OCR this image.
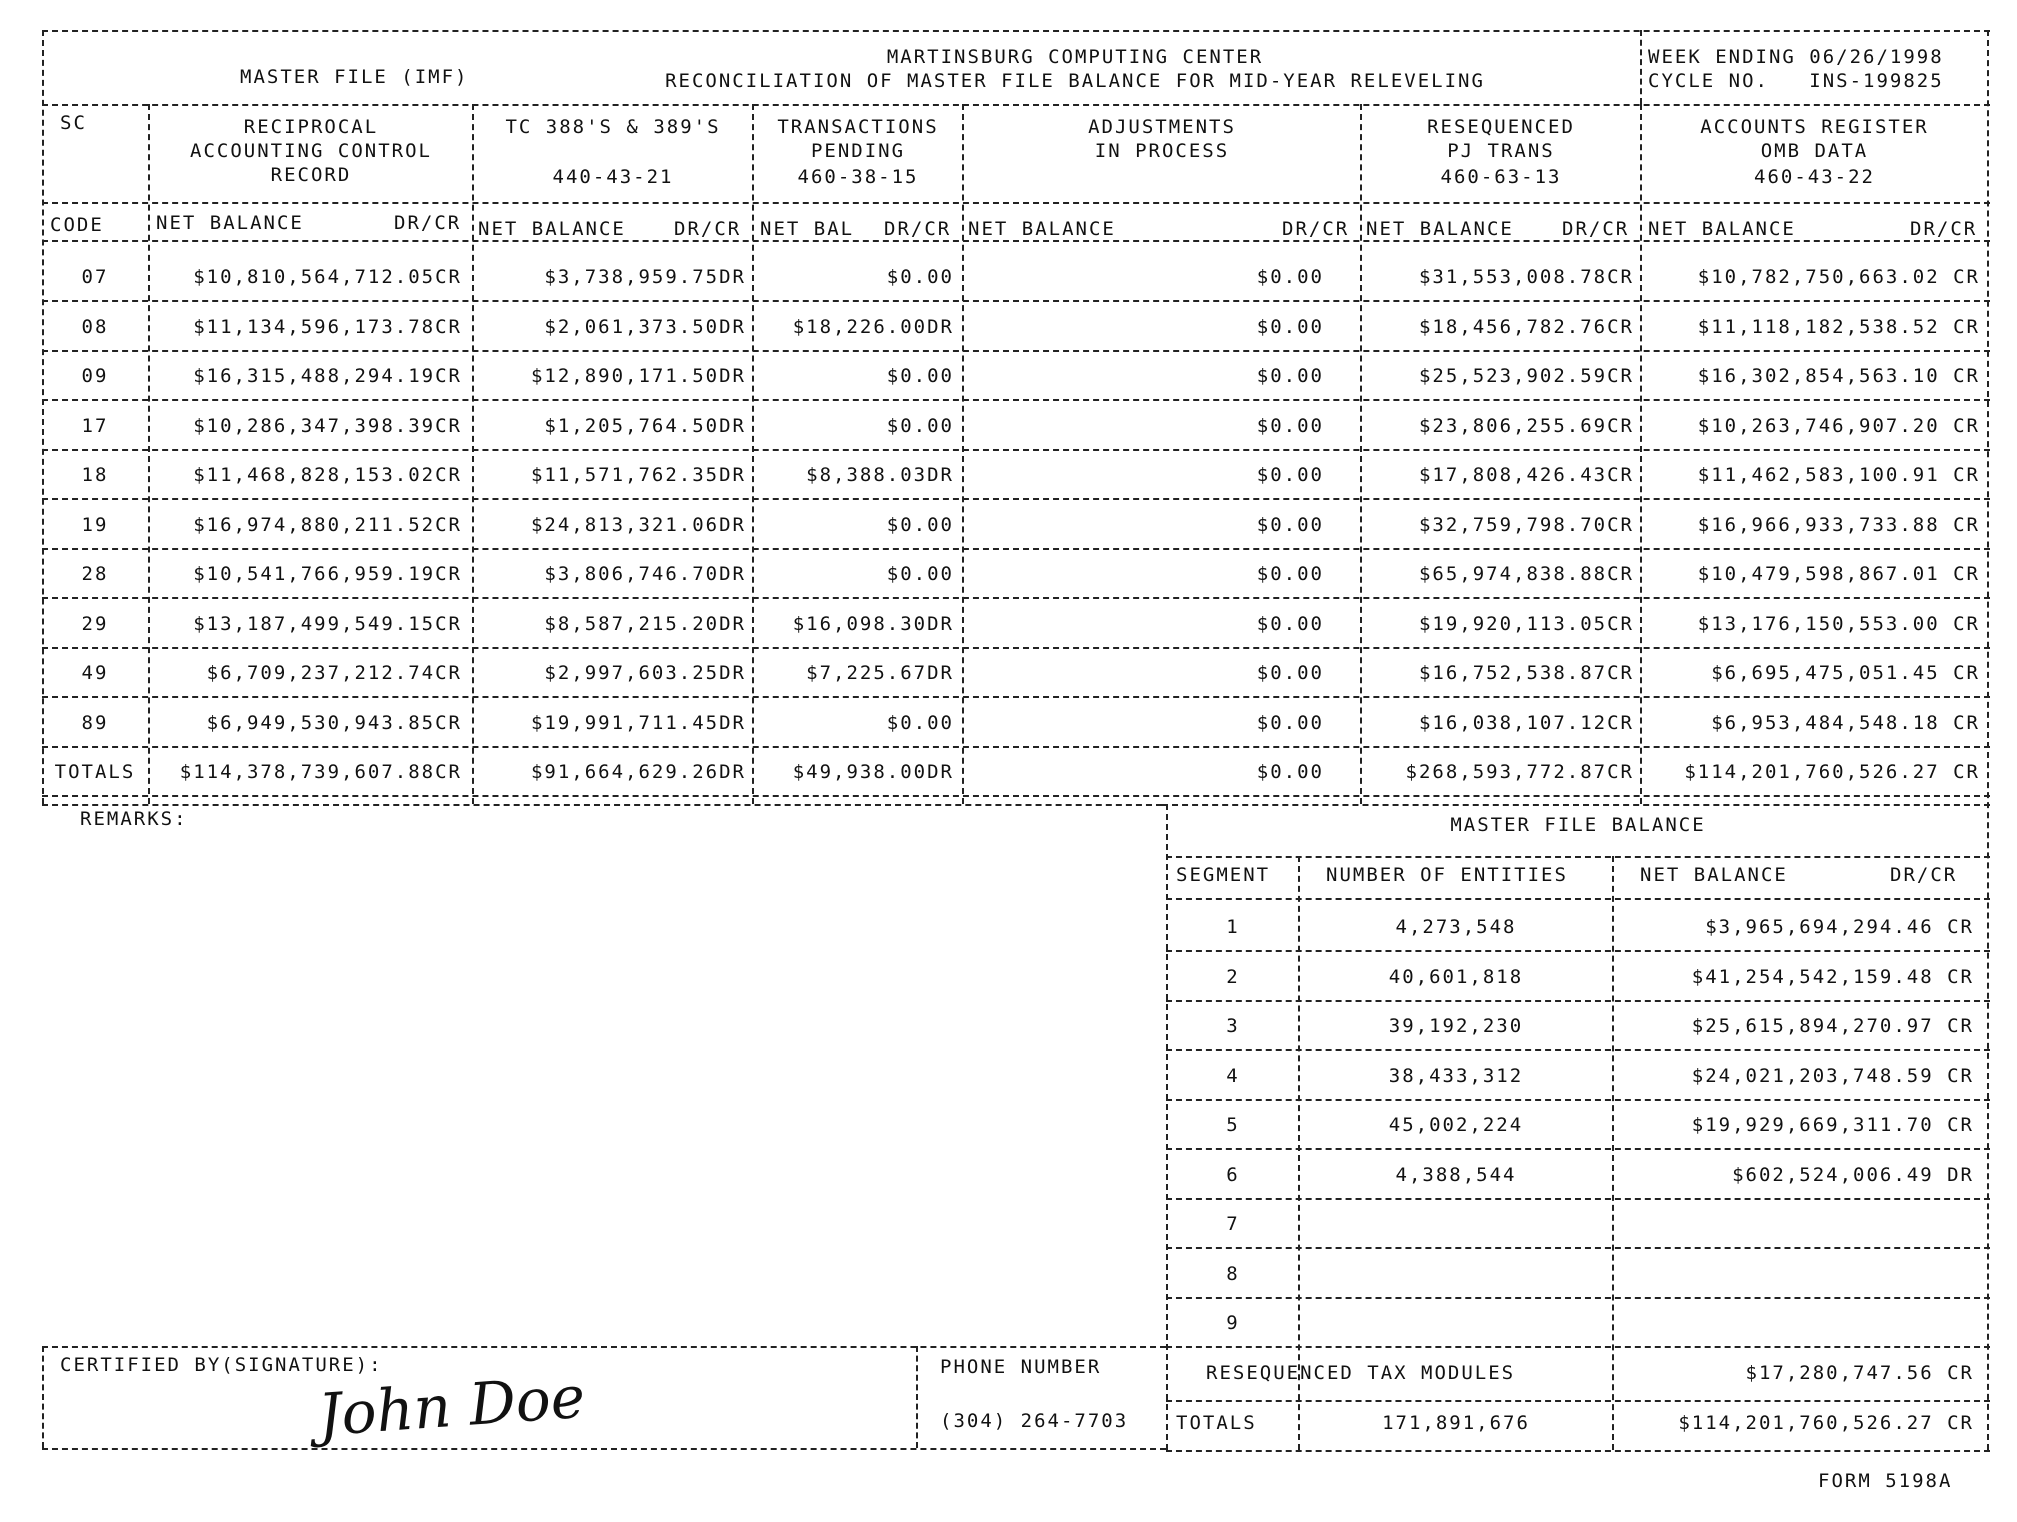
MASTER FILE (IMF)
MARTINSBURG COMPUTING CENTER
RECONCILIATION OF MASTER FILE BALANCE FOR MID-YEAR RELEVELING
WEEK ENDING 06/26/1998
CYCLE NO.   INS-199825
SC
CODE
RECIPROCAL
ACCOUNTING CONTROL
RECORD
TC 388'S & 389'S
440-43-21
TRANSACTIONS
PENDING
460-38-15
ADJUSTMENTS
IN PROCESS
RESEQUENCED
PJ TRANS
460-63-13
ACCOUNTS REGISTER
OMB DATA
460-43-22
NET BALANCE	DR/CR NET BALANCE	DR/CR NET BAL DR/CR NET BALANCE	DR/CR NET BALANCE	DR/CR NET BALANCE	DR/CR
07	$10,810,564,712.05CR	$3,738,959.75DR	$0.00	$0.00	$31,553,008.78CR	$10,782,750,663.02 CR
08	$11,134,596,173.78CR	$2,061,373.50DR	$18,226.00DR	$0.00	$18,456,782.76CR	$11,118,182,538.52 CR
09	$16,315,488,294.19CR	$12,890,171.50DR	$0.00	$0.00	$25,523,902.59CR	$16,302,854,563.10 CR
17	$10,286,347,398.39CR	$1,205,764.50DR	$0.00	$0.00	$23,806,255.69CR	$10,263,746,907.20 CR
18	$11,468,828,153.02CR	$11,571,762.35DR	$8,388.03DR	$0.00	$17,808,426.43CR	$11,462,583,100.91 CR
19	$16,974,880,211.52CR	$24,813,321.06DR	$0.00	$0.00	$32,759,798.70CR	$16,966,933,733.88 CR
28	$10,541,766,959.19CR	$3,806,746.70DR	$0.00	$0.00	$65,974,838.88CR	$10,479,598,867.01 CR
29	$13,187,499,549.15CR	$8,587,215.20DR	$16,098.30DR	$0.00	$19,920,113.05CR	$13,176,150,553.00 CR
49	$6,709,237,212.74CR	$2,997,603.25DR	$7,225.67DR	$0.00	$16,752,538.87CR	$6,695,475,051.45 CR
89	$6,949,530,943.85CR	$19,991,711.45DR	$0.00	$0.00	$16,038,107.12CR	$6,953,484,548.18 CR
TOTALS	$114,378,739,607.88CR	$91,664,629.26DR	$49,938.00DR	$0.00	$268,593,772.87CR	$114,201,760,526.27 CR
REMARKS:	MASTER FILE BALANCE
SEGMENT	NUMBER OF ENTITIES	NET BALANCE	DR/CR
1	4,273,548	$3,965,694,294.46 CR
2	40,601,818	$41,254,542,159.48 CR
3	39,192,230	$25,615,894,270.97 CR
4	38,433,312	$24,021,203,748.59 CR
5	45,002,224	$19,929,669,311.70 CR
6	4,388,544	$602,524,006.49 DR
7
8
9
RESEQUENCED TAX MODULES	$17,280,747.56 CR
TOTALS	171,891,676	$114,201,760,526.27 CR
CERTIFIED BY(SIGNATURE):
John Doe	PHONE NUMBER
(304) 264-7703
FORM 5198A
